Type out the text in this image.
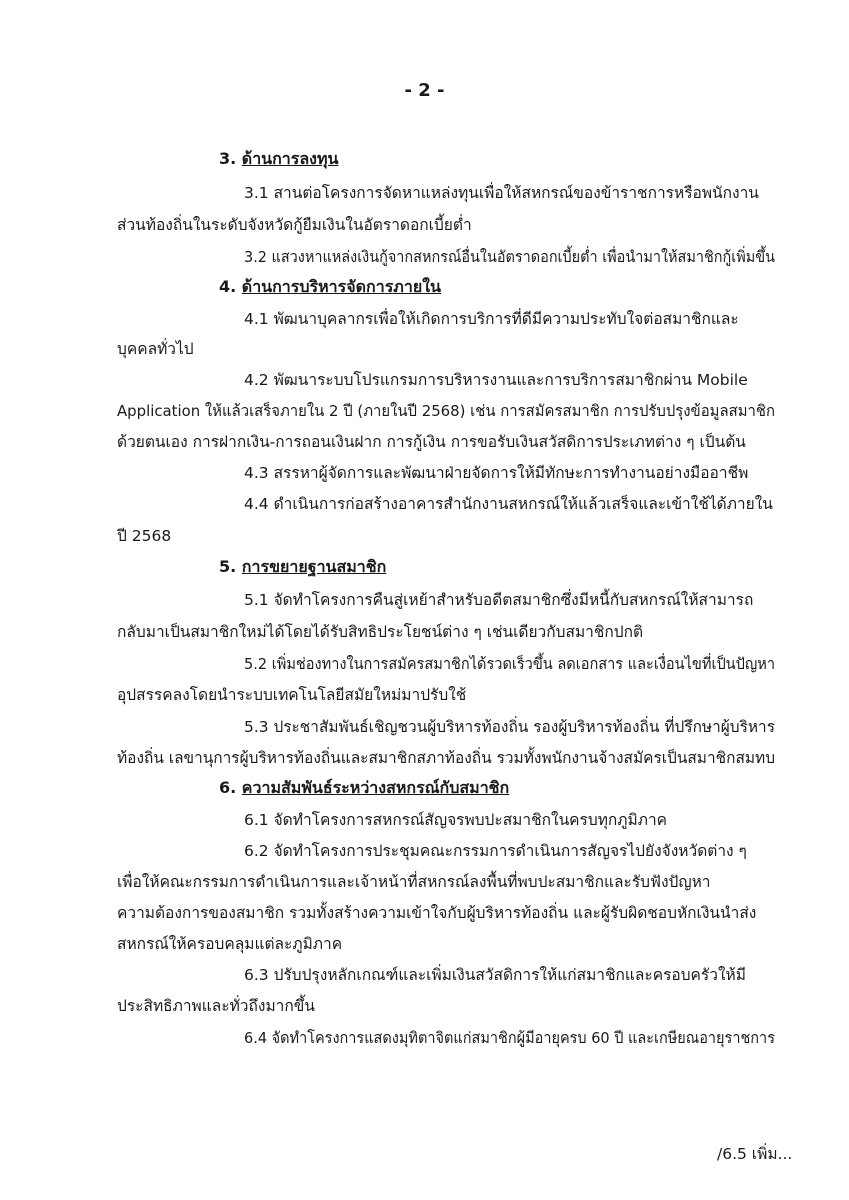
- 2 -
3. ด้านการลงทุน
3.1 สานต่อโครงการจัดหาแหล่งทุนเพื่อให้สหกรณ์ของข้าราชการหรือพนักงาน
ส่วนท้องถิ่นในระดับจังหวัดกู้ยืมเงินในอัตราดอกเบี้ยต่ำ
3.2 แสวงหาแหล่งเงินกู้จากสหกรณ์อื่นในอัตราดอกเบี้ยต่ำ เพื่อนำมาให้สมาชิกกู้เพิ่มขึ้น
4. ด้านการบริหารจัดการภายใน
4.1 พัฒนาบุคลากรเพื่อให้เกิดการบริการที่ดีมีความประทับใจต่อสมาชิกและ
บุคคลทั่วไป
4.2 พัฒนาระบบโปรแกรมการบริหารงานและการบริการสมาชิกผ่าน Mobile
Application ให้แล้วเสร็จภายใน 2 ปี (ภายในปี 2568) เช่น การสมัครสมาชิก การปรับปรุงข้อมูลสมาชิก
ด้วยตนเอง การฝากเงิน-การถอนเงินฝาก การกู้เงิน การขอรับเงินสวัสดิการประเภทต่าง ๆ เป็นต้น
4.3 สรรหาผู้จัดการและพัฒนาฝ่ายจัดการให้มีทักษะการทำงานอย่างมืออาชีพ
4.4 ดำเนินการก่อสร้างอาคารสำนักงานสหกรณ์ให้แล้วเสร็จและเข้าใช้ได้ภายใน
ปี 2568
5. การขยายฐานสมาชิก
5.1 จัดทำโครงการคืนสู่เหย้าสำหรับอดีตสมาชิกซึ่งมีหนี้กับสหกรณ์ให้สามารถ
กลับมาเป็นสมาชิกใหม่ได้โดยได้รับสิทธิประโยชน์ต่าง ๆ เช่นเดียวกับสมาชิกปกติ
5.2 เพิ่มช่องทางในการสมัครสมาชิกได้รวดเร็วขึ้น ลดเอกสาร และเงื่อนไขที่เป็นปัญหา
อุปสรรคลงโดยนำระบบเทคโนโลยีสมัยใหม่มาปรับใช้
5.3 ประชาสัมพันธ์เชิญชวนผู้บริหารท้องถิ่น รองผู้บริหารท้องถิ่น ที่ปรึกษาผู้บริหาร
ท้องถิ่น เลขานุการผู้บริหารท้องถิ่นและสมาชิกสภาท้องถิ่น รวมทั้งพนักงานจ้างสมัครเป็นสมาชิกสมทบ
6. ความสัมพันธ์ระหว่างสหกรณ์กับสมาชิก
6.1 จัดทำโครงการสหกรณ์สัญจรพบปะสมาชิกในครบทุกภูมิภาค
6.2 จัดทำโครงการประชุมคณะกรรมการดำเนินการสัญจรไปยังจังหวัดต่าง ๆ
เพื่อให้คณะกรรมการดำเนินการและเจ้าหน้าที่สหกรณ์ลงพื้นที่พบปะสมาชิกและรับฟังปัญหา
ความต้องการของสมาชิก รวมทั้งสร้างความเข้าใจกับผู้บริหารท้องถิ่น และผู้รับผิดชอบหักเงินนำส่ง
สหกรณ์ให้ครอบคลุมแต่ละภูมิภาค
6.3 ปรับปรุงหลักเกณฑ์และเพิ่มเงินสวัสดิการให้แก่สมาชิกและครอบครัวให้มี
ประสิทธิภาพและทั่วถึงมากขึ้น
6.4 จัดทำโครงการแสดงมุทิตาจิตแก่สมาชิกผู้มีอายุครบ 60 ปี และเกษียณอายุราชการ
/6.5 เพิ่ม...
